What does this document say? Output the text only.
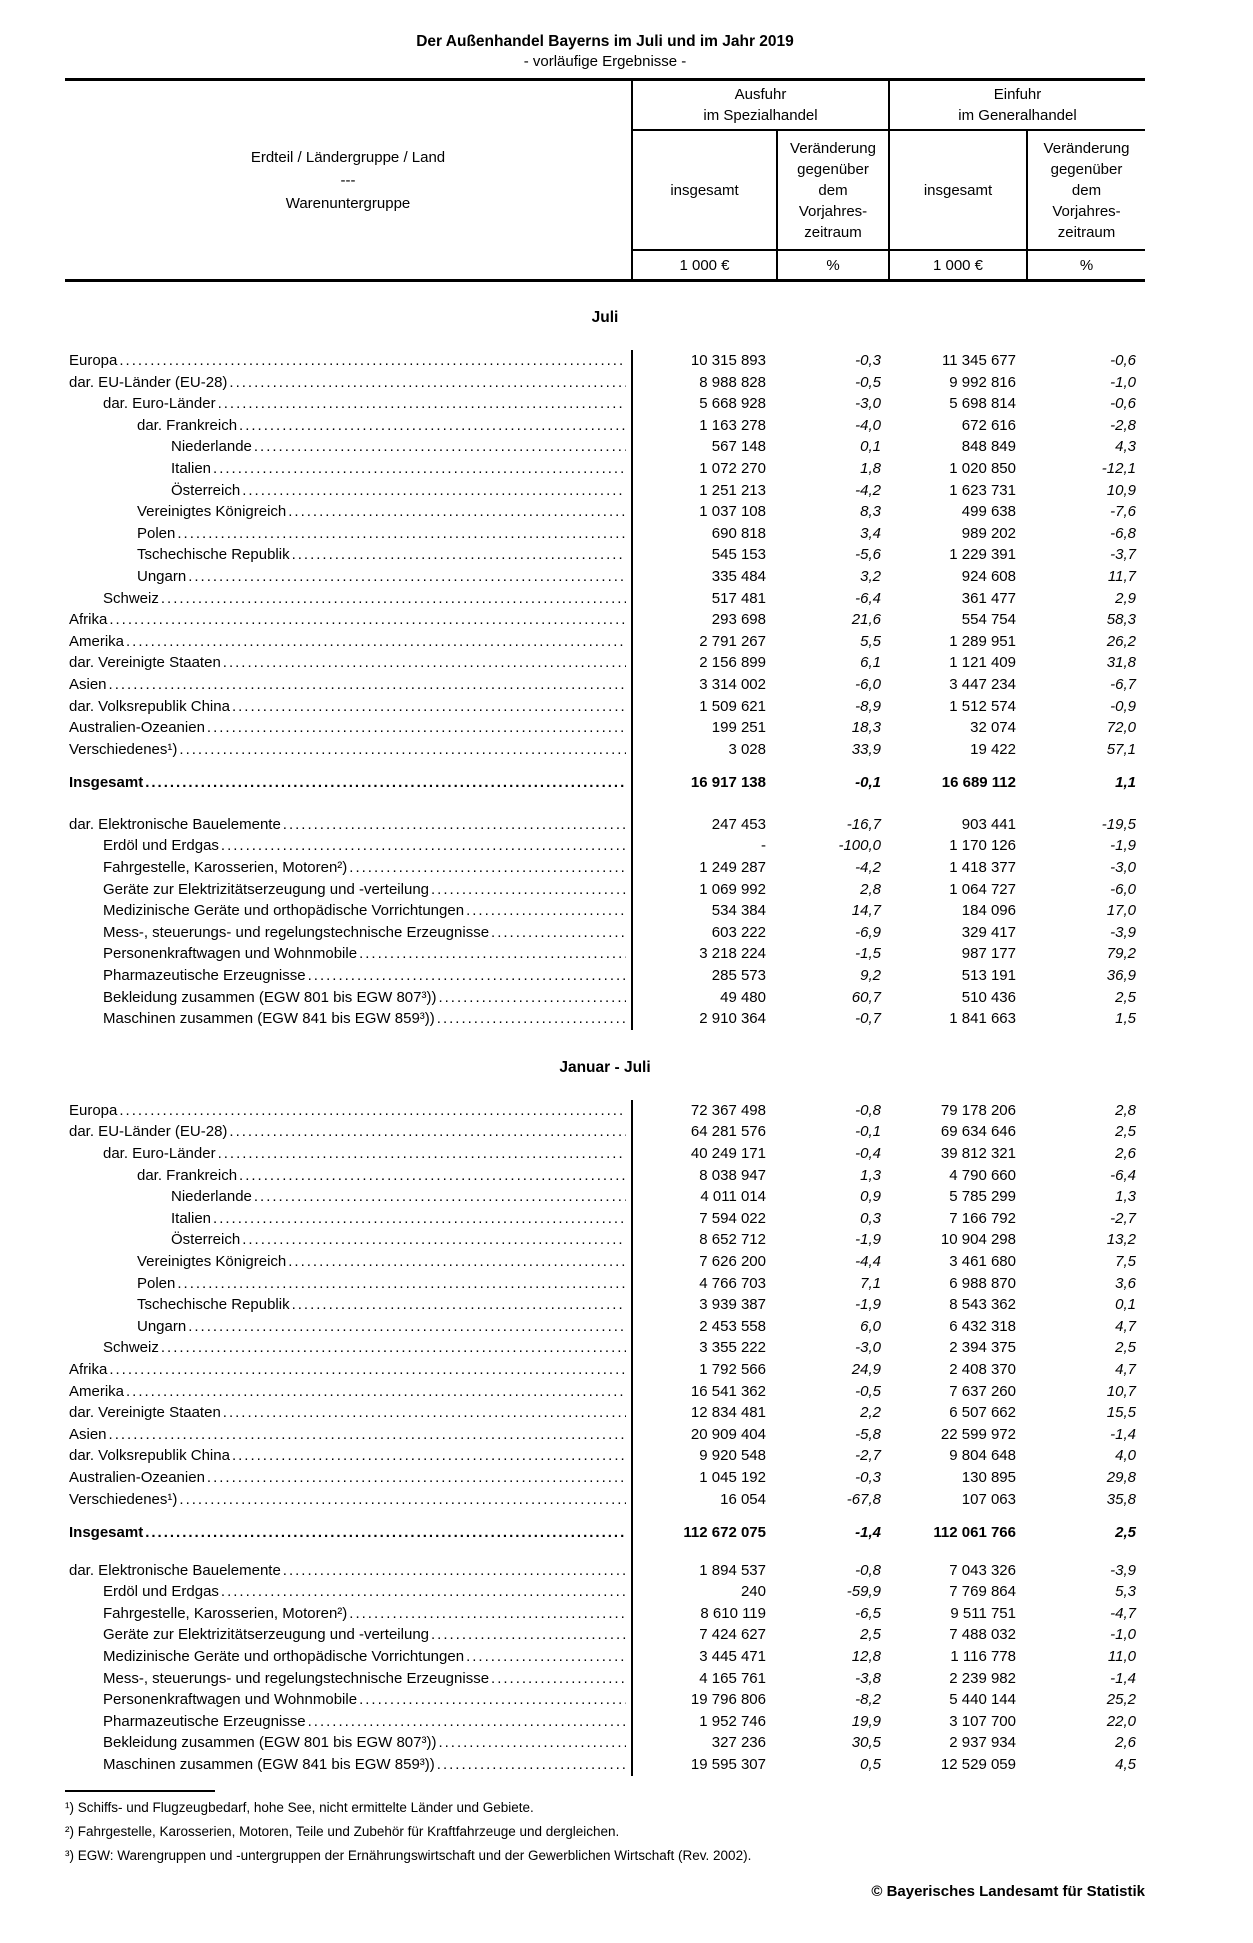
Der Außenhandel Bayerns im Juli und im Jahr 2019
- vorläufige Ergebnisse -
Erdteil / Ländergruppe / Land
---
Warenuntergruppe
Ausfuhr
im Spezialhandel
Einfuhr
im Generalhandel
insgesamt
Veränderung
gegenüber
dem
Vorjahres-
zeitraum
insgesamt
Veränderung
gegenüber
dem
Vorjahres-
zeitraum
1 000 €	%	1 000 €	%
Juli
Europa .....	10 315 893	-0,3	11 345 677	-0,6
dar. EU-Länder (EU-28) .....	8 988 828	-0,5	9 992 816	-1,0
dar. Euro-Länder .....	5 668 928	-3,0	5 698 814	-0,6
dar. Frankreich .....	1 163 278	-4,0	672 616	-2,8
Niederlande .....	567 148	0,1	848 849	4,3
Italien .....	1 072 270	1,8	1 020 850	-12,1
Österreich .....	1 251 213	-4,2	1 623 731	10,9
Vereinigtes Königreich .....	1 037 108	8,3	499 638	-7,6
Polen .....	690 818	3,4	989 202	-6,8
Tschechische Republik .....	545 153	-5,6	1 229 391	-3,7
Ungarn .....	335 484	3,2	924 608	11,7
Schweiz .....	517 481	-6,4	361 477	2,9
Afrika .....	293 698	21,6	554 754	58,3
Amerika .....	2 791 267	5,5	1 289 951	26,2
dar. Vereinigte Staaten .....	2 156 899	6,1	1 121 409	31,8
Asien .....	3 314 002	-6,0	3 447 234	-6,7
dar. Volksrepublik China .....	1 509 621	-8,9	1 512 574	-0,9
Australien-Ozeanien .....	199 251	18,3	32 074	72,0
Verschiedenes¹) .....	3 028	33,9	19 422	57,1
Insgesamt .....	16 917 138	-0,1	16 689 112	1,1
dar. Elektronische Bauelemente .....	247 453	-16,7	903 441	-19,5
Erdöl und Erdgas .....	-	-100,0	1 170 126	-1,9
Fahrgestelle, Karosserien, Motoren²) .....	1 249 287	-4,2	1 418 377	-3,0
Geräte zur Elektrizitätserzeugung und -verteilung .....	1 069 992	2,8	1 064 727	-6,0
Medizinische Geräte und orthopädische Vorrichtungen .....	534 384	14,7	184 096	17,0
Mess-, steuerungs- und regelungstechnische Erzeugnisse .....	603 222	-6,9	329 417	-3,9
Personenkraftwagen und Wohnmobile .....	3 218 224	-1,5	987 177	79,2
Pharmazeutische Erzeugnisse .....	285 573	9,2	513 191	36,9
Bekleidung zusammen (EGW 801 bis EGW 807³)) .....	49 480	60,7	510 436	2,5
Maschinen zusammen (EGW 841 bis EGW 859³)) .....	2 910 364	-0,7	1 841 663	1,5
Januar - Juli
Europa .....	72 367 498	-0,8	79 178 206	2,8
dar. EU-Länder (EU-28) .....	64 281 576	-0,1	69 634 646	2,5
dar. Euro-Länder .....	40 249 171	-0,4	39 812 321	2,6
dar. Frankreich .....	8 038 947	1,3	4 790 660	-6,4
Niederlande .....	4 011 014	0,9	5 785 299	1,3
Italien .....	7 594 022	0,3	7 166 792	-2,7
Österreich .....	8 652 712	-1,9	10 904 298	13,2
Vereinigtes Königreich .....	7 626 200	-4,4	3 461 680	7,5
Polen .....	4 766 703	7,1	6 988 870	3,6
Tschechische Republik .....	3 939 387	-1,9	8 543 362	0,1
Ungarn .....	2 453 558	6,0	6 432 318	4,7
Schweiz .....	3 355 222	-3,0	2 394 375	2,5
Afrika .....	1 792 566	24,9	2 408 370	4,7
Amerika .....	16 541 362	-0,5	7 637 260	10,7
dar. Vereinigte Staaten .....	12 834 481	2,2	6 507 662	15,5
Asien .....	20 909 404	-5,8	22 599 972	-1,4
dar. Volksrepublik China .....	9 920 548	-2,7	9 804 648	4,0
Australien-Ozeanien .....	1 045 192	-0,3	130 895	29,8
Verschiedenes¹) .....	16 054	-67,8	107 063	35,8
Insgesamt .....	112 672 075	-1,4	112 061 766	2,5
dar. Elektronische Bauelemente .....	1 894 537	-0,8	7 043 326	-3,9
Erdöl und Erdgas .....	240	-59,9	7 769 864	5,3
Fahrgestelle, Karosserien, Motoren²) .....	8 610 119	-6,5	9 511 751	-4,7
Geräte zur Elektrizitätserzeugung und -verteilung .....	7 424 627	2,5	7 488 032	-1,0
Medizinische Geräte und orthopädische Vorrichtungen .....	3 445 471	12,8	1 116 778	11,0
Mess-, steuerungs- und regelungstechnische Erzeugnisse .....	4 165 761	-3,8	2 239 982	-1,4
Personenkraftwagen und Wohnmobile .....	19 796 806	-8,2	5 440 144	25,2
Pharmazeutische Erzeugnisse .....	1 952 746	19,9	3 107 700	22,0
Bekleidung zusammen (EGW 801 bis EGW 807³)) .....	327 236	30,5	2 937 934	2,6
Maschinen zusammen (EGW 841 bis EGW 859³)) .....	19 595 307	0,5	12 529 059	4,5
¹) Schiffs- und Flugzeugbedarf, hohe See, nicht ermittelte Länder und Gebiete.
²) Fahrgestelle, Karosserien, Motoren, Teile und Zubehör für Kraftfahrzeuge und dergleichen.
³) EGW: Warengruppen und -untergruppen der Ernährungswirtschaft und der Gewerblichen Wirtschaft (Rev. 2002).
© Bayerisches Landesamt für Statistik
